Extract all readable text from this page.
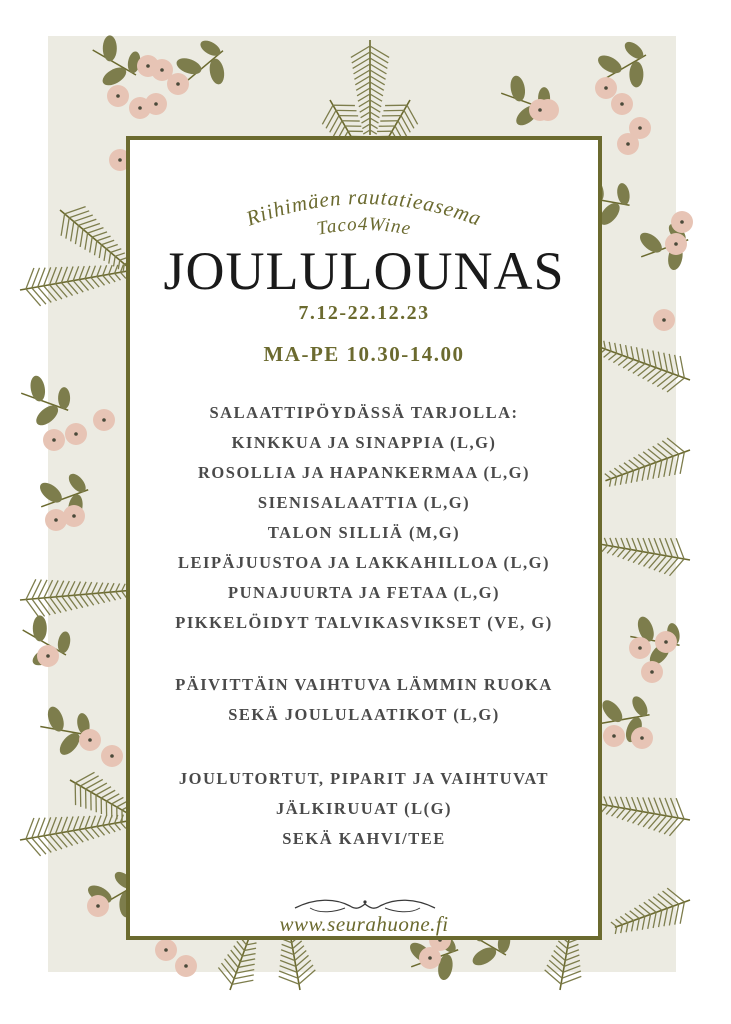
Riihimäen rautatieasema
Taco4Wine
JOULULOUNAS
7.12-22.12.23
MA-PE 10.30-14.00
SALAATTIPÖYDÄSSÄ TARJOLLA:
KINKKUA JA SINAPPIA (L,G)
ROSOLLIA JA HAPANKERMAA (L,G)
SIENISALAATTIA (L,G)
TALON SILLIÄ (M,G)
LEIPÄJUUSTOA JA LAKKAHILLOA (L,G)
PUNAJUURTA JA FETAA (L,G)
PIKKELÖIDYT TALVIKASVIKSET (VE, G)
PÄIVITTÄIN VAIHTUVA LÄMMIN RUOKA
SEKÄ JOULULAATIKOT (L,G)
JOULUTORTUT, PIPARIT JA VAIHTUVAT
JÄLKIRUUAT (L(G)
SEKÄ KAHVI/TEE
www.seurahuone.fi
